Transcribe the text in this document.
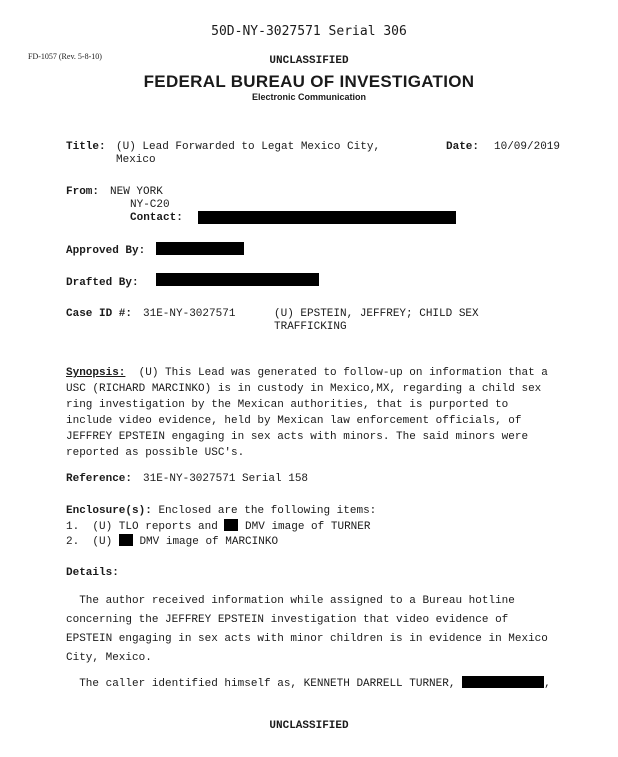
50D-NY-3027571 Serial 306
FD-1057 (Rev. 5-8-10)	UNCLASSIFIED
FEDERAL BUREAU OF INVESTIGATION
Electronic Communication
Title: (U) Lead Forwarded to Legat Mexico City,
Mexico
Date: 10/09/2019
From: NEW YORK
NY-C20
Contact:
Approved By:
Drafted By:
Case ID #: 31E-NY-3027571	(U) EPSTEIN, JEFFREY; CHILD SEX
TRAFFICKING
Synopsis: (U) This Lead was generated to follow-up on information that a
USC (RICHARD MARCINKO) is in custody in Mexico,MX, regarding a child sex
ring investigation by the Mexican authorities, that is purported to
include video evidence, held by Mexican law enforcement officials, of
JEFFREY EPSTEIN engaging in sex acts with minors. The said minors were
reported as possible USC's.
Reference: 31E-NY-3027571 Serial 158
Enclosure(s): Enclosed are the following items:
1. (U) TLO reports and DMV image of TURNER
2. (U) DMV image of MARCINKO
Details:
The author received information while assigned to a Bureau hotline
concerning the JEFFREY EPSTEIN investigation that video evidence of
EPSTEIN engaging in sex acts with minor children is in evidence in Mexico
City, Mexico.
The caller identified himself as, KENNETH DARRELL TURNER,	,
UNCLASSIFIED
